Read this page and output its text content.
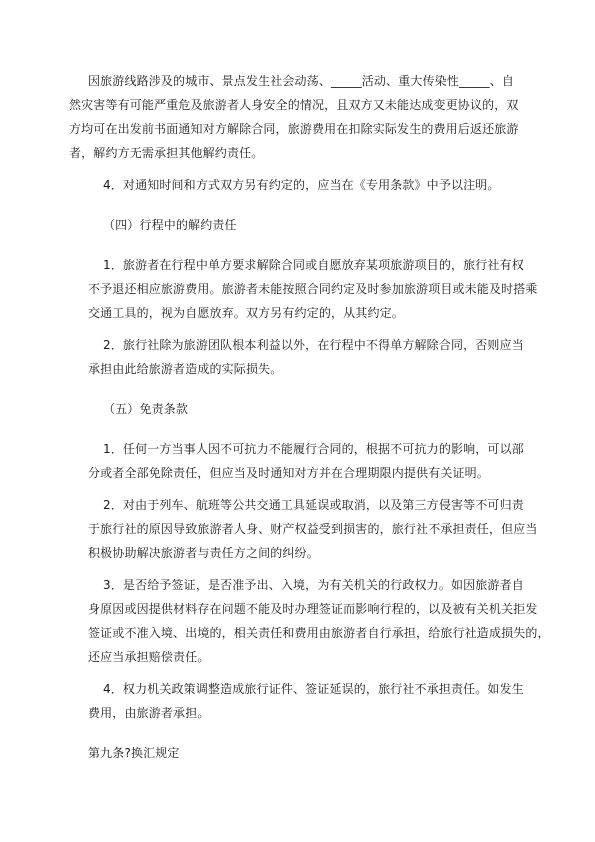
因旅游线路涉及的城市、景点发生社会动荡、_____活动、重大传染性_____、自
然灾害等有可能严重危及旅游者人身安全的情况，且双方又未能达成变更协议的，双
方均可在出发前书面通知对方解除合同，旅游费用在扣除实际发生的费用后返还旅游
者，解约方无需承担其他解约责任。
4．对通知时间和方式双方另有约定的，应当在《专用条款》中予以注明。
（四）行程中的解约责任
1．旅游者在行程中单方要求解除合同或自愿放弃某项旅游项目的，旅行社有权
不予退还相应旅游费用。旅游者未能按照合同约定及时参加旅游项目或未能及时搭乘
交通工具的，视为自愿放弃。双方另有约定的，从其约定。
2．旅行社除为旅游团队根本利益以外，在行程中不得单方解除合同，否则应当
承担由此给旅游者造成的实际损失。
（五）免责条款
1．任何一方当事人因不可抗力不能履行合同的，根据不可抗力的影响，可以部
分或者全部免除责任，但应当及时通知对方并在合理期限内提供有关证明。
2．对由于列车、航班等公共交通工具延误或取消，以及第三方侵害等不可归责
于旅行社的原因导致旅游者人身、财产权益受到损害的，旅行社不承担责任，但应当
积极协助解决旅游者与责任方之间的纠纷。
3．是否给予签证，是否准予出、入境，为有关机关的行政权力。如因旅游者自
身原因或因提供材料存在问题不能及时办理签证而影响行程的，以及被有关机关拒发
签证或不准入境、出境的，相关责任和费用由旅游者自行承担，给旅行社造成损失的，
还应当承担赔偿责任。
4．权力机关政策调整造成旅行证件、签证延误的，旅行社不承担责任。如发生
费用，由旅游者承担。
第九条?换汇规定
